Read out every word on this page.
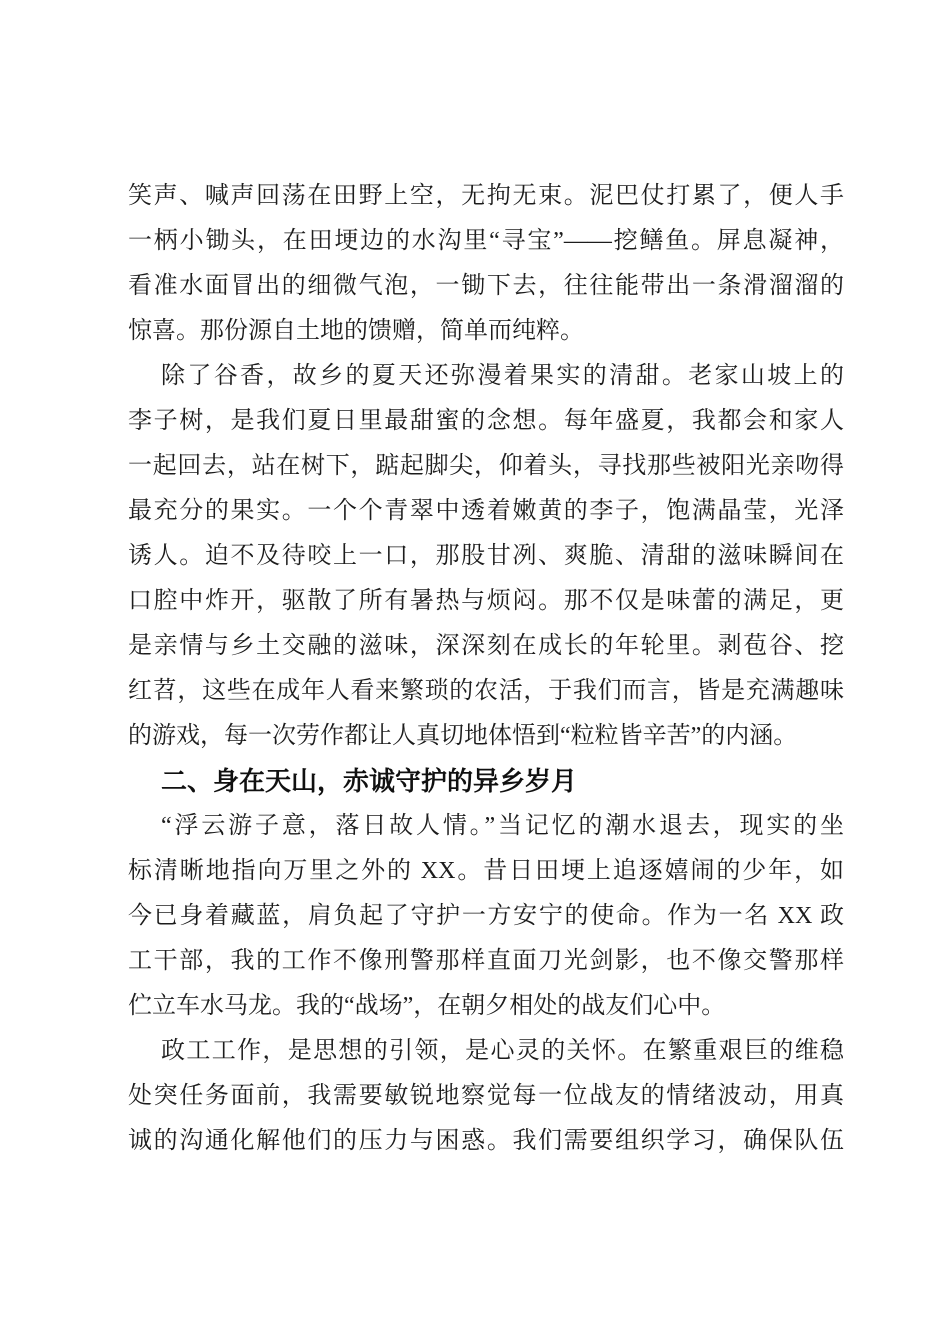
笑声、喊声回荡在田野上空，无拘无束。泥巴仗打累了，便人手
一柄小锄头，在田埂边的水沟里“寻宝”——挖鳝鱼。屏息凝神，
看准水面冒出的细微气泡，一锄下去，往往能带出一条滑溜溜的
惊喜。那份源自土地的馈赠，简单而纯粹。
除了谷香，故乡的夏天还弥漫着果实的清甜。老家山坡上的
李子树，是我们夏日里最甜蜜的念想。每年盛夏，我都会和家人
一起回去，站在树下，踮起脚尖，仰着头，寻找那些被阳光亲吻得
最充分的果实。一个个青翠中透着嫩黄的李子，饱满晶莹，光泽
诱人。迫不及待咬上一口，那股甘冽、爽脆、清甜的滋味瞬间在
口腔中炸开，驱散了所有暑热与烦闷。那不仅是味蕾的满足，更
是亲情与乡土交融的滋味，深深刻在成长的年轮里。剥苞谷、挖
红苕，这些在成年人看来繁琐的农活，于我们而言，皆是充满趣味
的游戏，每一次劳作都让人真切地体悟到“粒粒皆辛苦”的内涵。
二、身在天山，赤诚守护的异乡岁月
“浮云游子意，落日故人情。”当记忆的潮水退去，现实的坐
标清晰地指向万里之外的 XX。昔日田埂上追逐嬉闹的少年，如
今已身着藏蓝，肩负起了守护一方安宁的使命。作为一名 XX 政
工干部，我的工作不像刑警那样直面刀光剑影，也不像交警那样
伫立车水马龙。我的“战场”，在朝夕相处的战友们心中。
政工工作，是思想的引领，是心灵的关怀。在繁重艰巨的维稳
处突任务面前，我需要敏锐地察觉每一位战友的情绪波动，用真
诚的沟通化解他们的压力与困惑。我们需要组织学习，确保队伍
